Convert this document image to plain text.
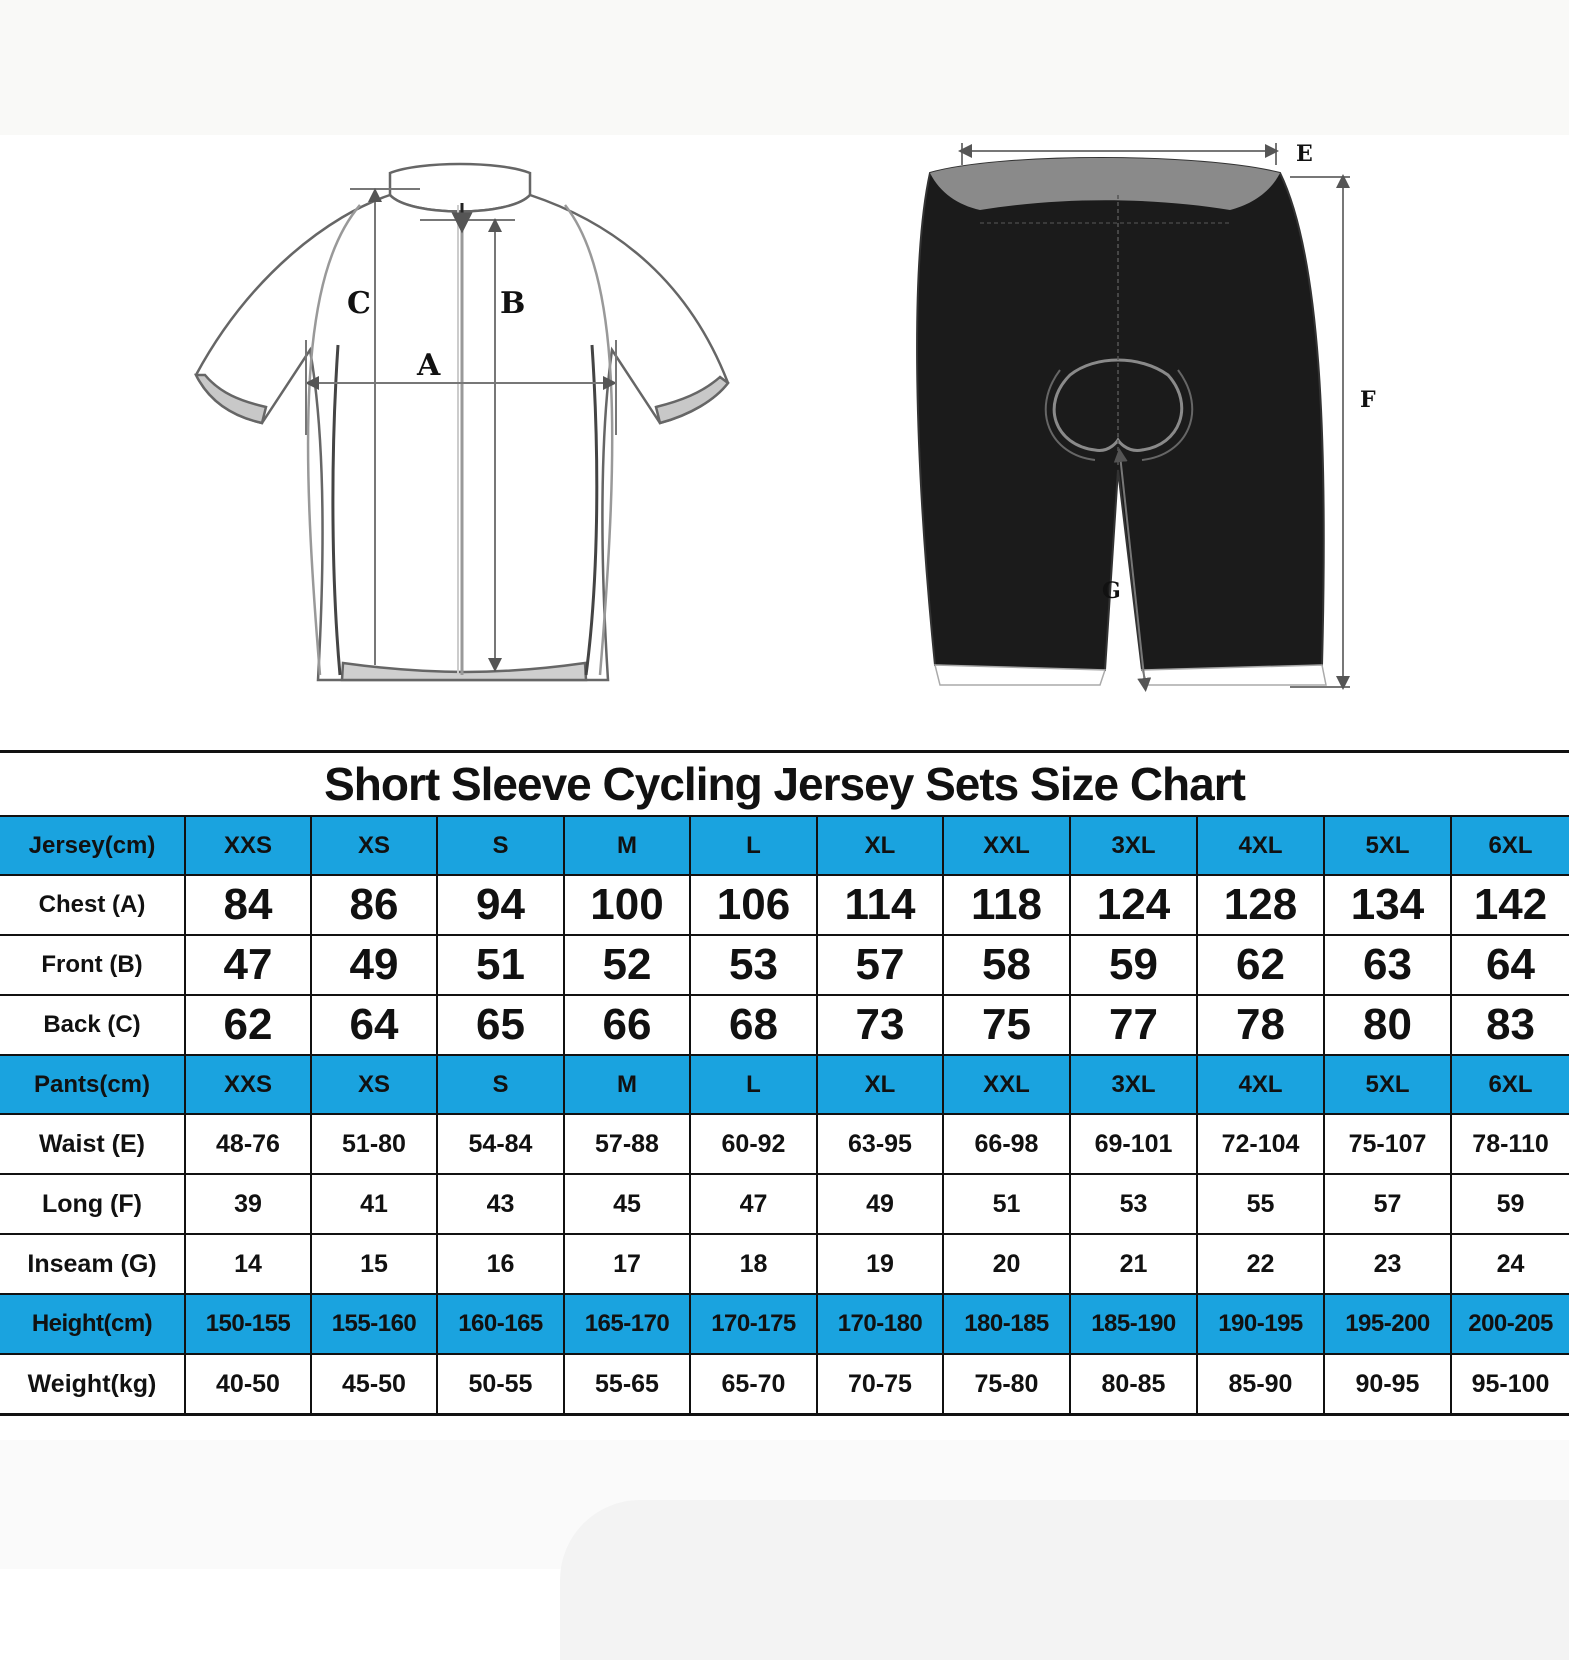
C	B
A
E
F
G
Short Sleeve Cycling Jersey Sets Size Chart											
Jersey(cm)	XXS	XS	S	M	L	XL	XXL	3XL	4XL	5XL	6XL
Chest (A)	84	86	94	100	106	114	118	124	128	134	142
Front (B)	47	49	51	52	53	57	58	59	62	63	64
Back (C)	62	64	65	66	68	73	75	77	78	80	83
Pants(cm)	XXS	XS	S	M	L	XL	XXL	3XL	4XL	5XL	6XL
Waist (E)	48-76	51-80	54-84	57-88	60-92	63-95	66-98	69-101	72-104	75-107	78-110
Long (F)	39	41	43	45	47	49	51	53	55	57	59
Inseam (G)	14	15	16	17	18	19	20	21	22	23	24
Height(cm)	150-155	155-160	160-165	165-170	170-175	170-180	180-185	185-190	190-195	195-200	200-205
Weight(kg)	40-50	45-50	50-55	55-65	65-70	70-75	75-80	80-85	85-90	90-95	95-100
